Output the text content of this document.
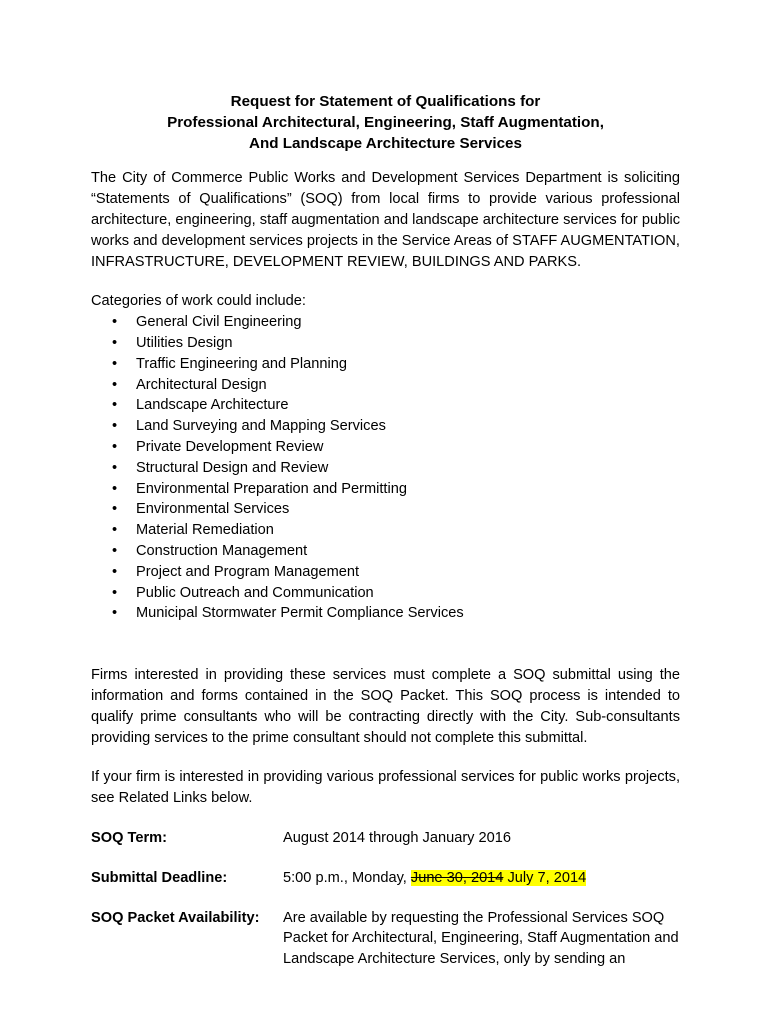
Request for Statement of Qualifications for
Professional Architectural, Engineering, Staff Augmentation,
And Landscape Architecture Services

The City of Commerce Public Works and Development Services Department is soliciting “Statements of Qualifications” (SOQ) from local firms to provide various professional architecture, engineering, staff augmentation and landscape architecture services for public works and development services projects in the Service Areas of STAFF AUGMENTATION, INFRASTRUCTURE, DEVELOPMENT REVIEW, BUILDINGS AND PARKS.

Categories of work could include:

• General Civil Engineering
• Utilities Design
• Traffic Engineering and Planning
• Architectural Design
• Landscape Architecture
• Land Surveying and Mapping Services
• Private Development Review
• Structural Design and Review
• Environmental Preparation and Permitting
• Environmental Services
• Material Remediation
• Construction Management
• Project and Program Management
• Public Outreach and Communication
• Municipal Stormwater Permit Compliance Services

Firms interested in providing these services must complete a SOQ submittal using the information and forms contained in the SOQ Packet. This SOQ process is intended to qualify prime consultants who will be contracting directly with the City. Sub-consultants providing services to the prime consultant should not complete this submittal.

If your firm is interested in providing various professional services for public works projects, see Related Links below.

SOQ Term:	August 2014 through January 2016
Submittal Deadline:	5:00 p.m., Monday, June 30, 2014 July 7, 2014
SOQ Packet Availability:	Are available by requesting the Professional Services SOQ Packet for Architectural, Engineering, Staff Augmentation and Landscape Architecture Services, only by sending an
